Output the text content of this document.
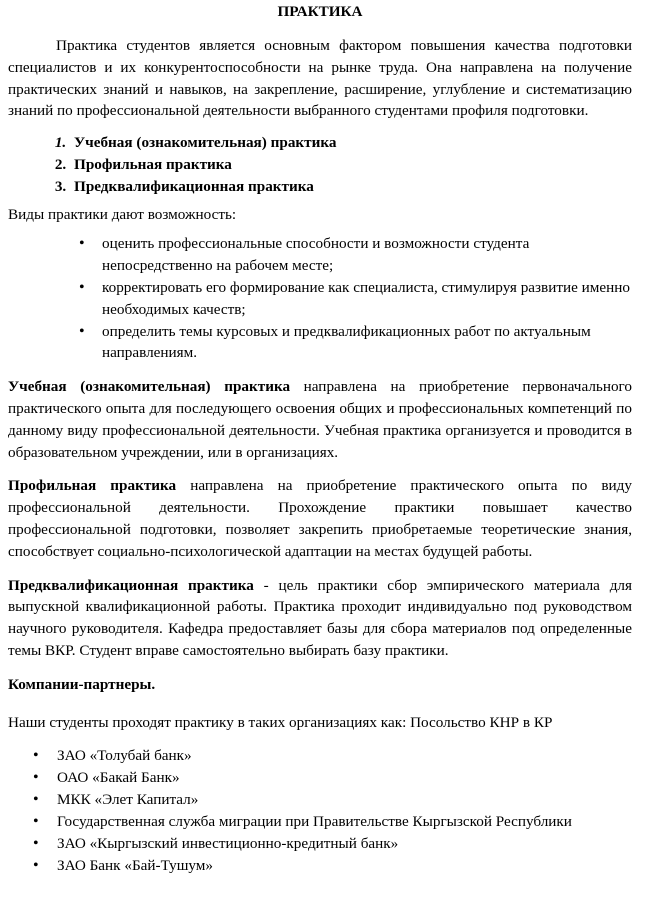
ПРАКТИКА

Практика студентов является основным фактором повышения качества подготовки специалистов и их конкурентоспособности на рынке труда. Она направлена на получение практических знаний и навыков, на закрепление, расширение, углубление и систематизацию знаний по профессиональной деятельности выбранного студентами профиля подготовки.

1. Учебная (ознакомительная) практика
2. Профильная практика
3. Предквалификационная практика

Виды практики дают возможность:

• оценить профессиональные способности и возможности студента непосредственно на рабочем месте;
• корректировать его формирование как специалиста, стимулируя развитие именно необходимых качеств;
• определить темы курсовых и предквалификационных работ по актуальным направлениям.

Учебная (ознакомительная) практика направлена на приобретение первоначального практического опыта для последующего освоения общих и профессиональных компетенций по данному виду профессиональной деятельности. Учебная практика организуется и проводится в образовательном учреждении, или в организациях.

Профильная практика направлена на приобретение практического опыта по виду профессиональной деятельности. Прохождение практики повышает качество профессиональной подготовки, позволяет закрепить приобретаемые теоретические знания, способствует социально-психологической адаптации на местах будущей работы.

Предквалификационная практика - цель практики сбор эмпирического материала для выпускной квалификационной работы. Практика проходит индивидуально под руководством научного руководителя. Кафедра предоставляет базы для сбора материалов под определенные темы ВКР. Студент вправе самостоятельно выбирать базу практики.

Компании-партнеры.

Наши студенты проходят практику в таких организациях как: Посольство КНР в КР

• ЗАО «Толубай банк»
• ОАО «Бакай Банк»
• МКК «Элет Капитал»
• Государственная служба миграции при Правительстве Кыргызской Республики
• ЗАО «Кыргызский инвестиционно-кредитный банк»
• ЗАО Банк «Бай-Тушум»
